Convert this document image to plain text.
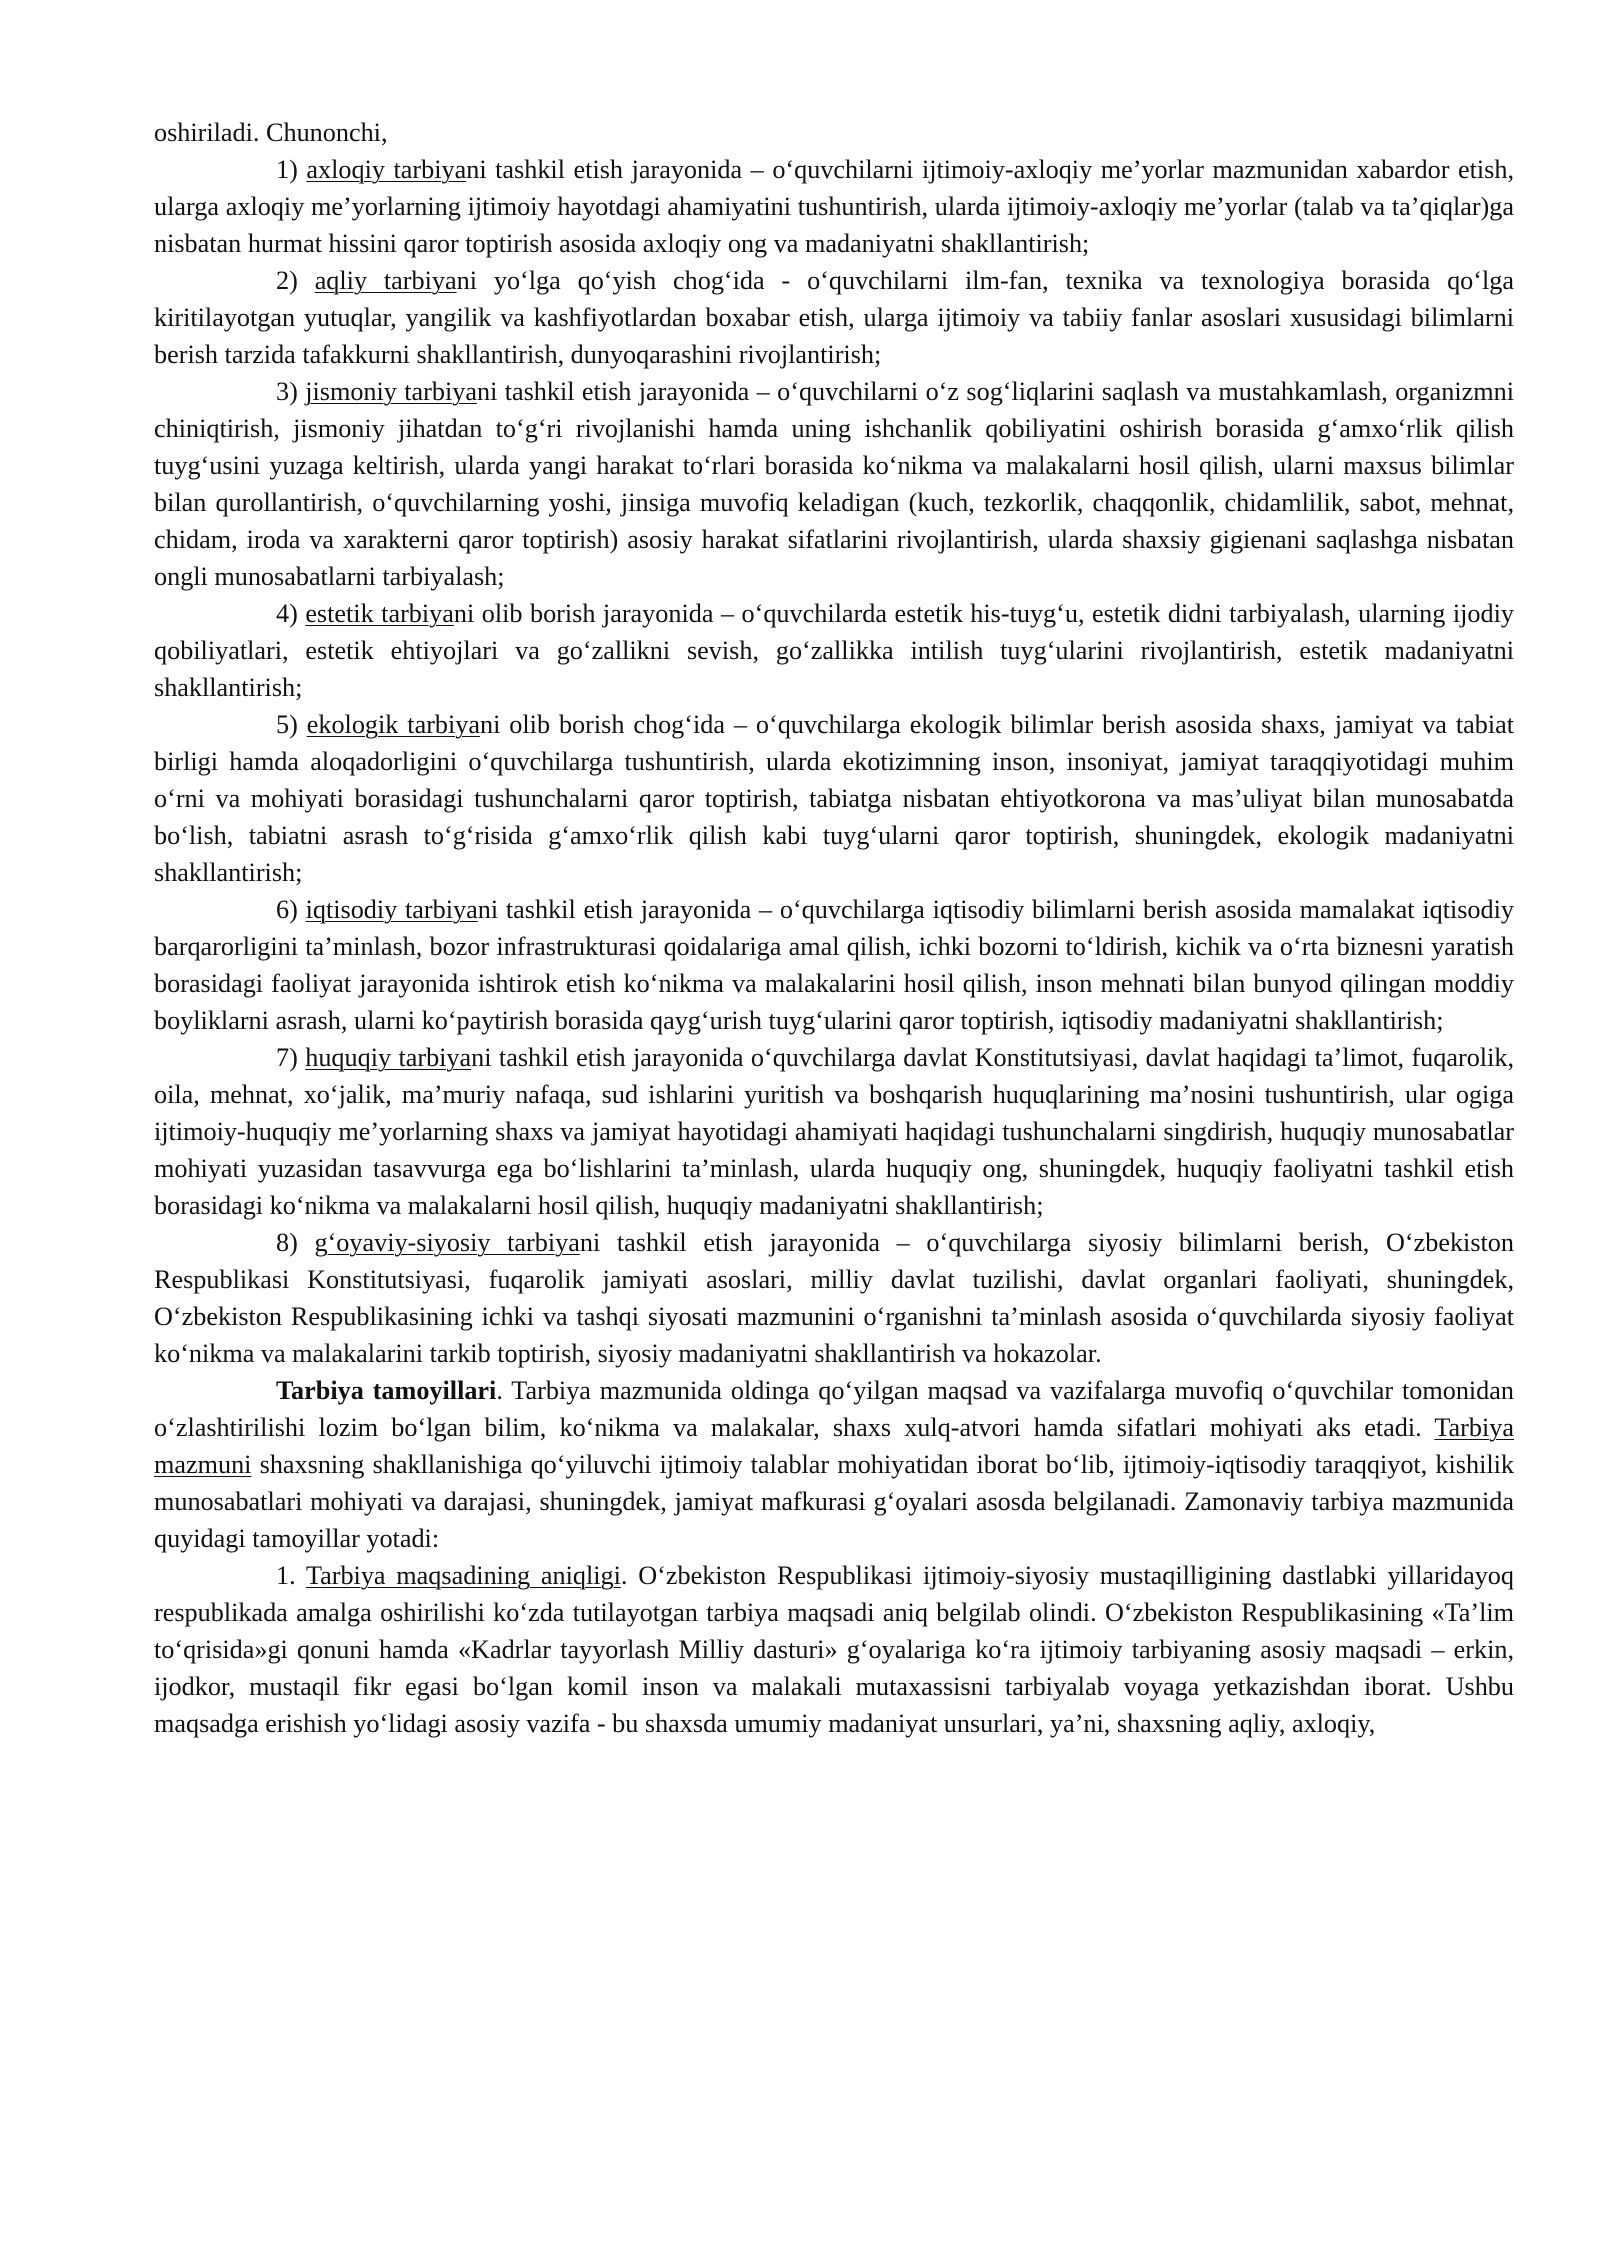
oshiriladi. Chunonchi,

1) axloqiy tarbiyani tashkil etish jarayonida – oʻquvchilarni ijtimoiy-axloqiy meʼyorlar mazmunidan xabardor etish, ularga axloqiy meʼyorlarning ijtimoiy hayotdagi ahamiyatini tushuntirish, ularda ijtimoiy-axloqiy meʼyorlar (talab va taʼqiqlar)ga nisbatan hurmat hissini qaror toptirish asosida axloqiy ong va madaniyatni shakllantirish;

2) aqliy tarbiyani yoʻlga qoʻyish chogʻida - oʻquvchilarni ilm-fan, texnika va texnologiya borasida qoʻlga kiritilayotgan yutuqlar, yangilik va kashfiyotlardan boxabar etish, ularga ijtimoiy va tabiiy fanlar asoslari xususidagi bilimlarni berish tarzida tafakkurni shakllantirish, dunyoqarashini rivojlantirish;

3) jismoniy tarbiyani tashkil etish jarayonida – oʻquvchilarni oʻz sogʻliqlarini saqlash va mustahkamlash, organizmni chiniqtirish, jismoniy jihatdan toʻgʻri rivojlanishi hamda uning ishchanlik qobiliyatini oshirish borasida gʻamxoʻrlik qilish tuygʻusini yuzaga keltirish, ularda yangi harakat toʻrlari borasida koʻnikma va malakalarni hosil qilish, ularni maxsus bilimlar bilan qurollantirish, oʻquvchilarning yoshi, jinsiga muvofiq keladigan (kuch, tezkorlik, chaqqonlik, chidamlilik, sabot, mehnat, chidam, iroda va xarakterni qaror toptirish) asosiy harakat sifatlarini rivojlantirish, ularda shaxsiy gigienani saqlashga nisbatan ongli munosabatlarni tarbiyalash;

4) estetik tarbiyani olib borish jarayonida – oʻquvchilarda estetik his-tuygʻu, estetik didni tarbiyalash, ularning ijodiy qobiliyatlari, estetik ehtiyojlari va goʻzallikni sevish, goʻzallikka intilish tuygʻularini rivojlantirish, estetik madaniyatni shakllantirish;

5) ekologik tarbiyani olib borish chogʻida – oʻquvchilarga ekologik bilimlar berish asosida shaxs, jamiyat va tabiat birligi hamda aloqadorligini oʻquvchilarga tushuntirish, ularda ekotizimning inson, insoniyat, jamiyat taraqqiyotidagi muhim oʻrni va mohiyati borasidagi tushunchalarni qaror toptirish, tabiatga nisbatan ehtiyotkorona va masʼuliyat bilan munosabatda boʻlish, tabiatni asrash toʻgʻrisida gʻamxoʻrlik qilish kabi tuygʻularni qaror toptirish, shuningdek, ekologik madaniyatni shakllantirish;

6) iqtisodiy tarbiyani tashkil etish jarayonida – oʻquvchilarga iqtisodiy bilimlarni berish asosida mamalakat iqtisodiy barqarorligini taʼminlash, bozor infrastrukturasi qoidalariga amal qilish, ichki bozorni toʻldirish, kichik va oʻrta biznesni yaratish borasidagi faoliyat jarayonida ishtirok etish koʻnikma va malakalarini hosil qilish, inson mehnati bilan bunyod qilingan moddiy boyliklarni asrash, ularni koʻpaytirish borasida qaygʻurish tuygʻularini qaror toptirish, iqtisodiy madaniyatni shakllantirish;

7) huquqiy tarbiyani tashkil etish jarayonida oʻquvchilarga davlat Konstitutsiyasi, davlat haqidagi taʼlimot, fuqarolik, oila, mehnat, xoʻjalik, maʼmuriy nafaqa, sud ishlarini yuritish va boshqarish huquqlarining maʼnosini tushuntirish, ular ogiga ijtimoiy-huquqiy meʼyorlarning shaxs va jamiyat hayotidagi ahamiyati haqidagi tushunchalarni singdirish, huquqiy munosabatlar mohiyati yuzasidan tasavvurga ega boʻlishlarini taʼminlash, ularda huquqiy ong, shuningdek, huquqiy faoliyatni tashkil etish borasidagi koʻnikma va malakalarni hosil qilish, huquqiy madaniyatni shakllantirish;

8) gʻoyaviy-siyosiy tarbiyani tashkil etish jarayonida – oʻquvchilarga siyosiy bilimlarni berish, Oʻzbekiston Respublikasi Konstitutsiyasi, fuqarolik jamiyati asoslari, milliy davlat tuzilishi, davlat organlari faoliyati, shuningdek, Oʻzbekiston Respublikasining ichki va tashqi siyosati mazmunini oʻrganishni taʼminlash asosida oʻquvchilarda siyosiy faoliyat koʻnikma va malakalarini tarkib toptirish, siyosiy madaniyatni shakllantirish va hokazolar.

Tarbiya tamoyillari. Tarbiya mazmunida oldinga qoʻyilgan maqsad va vazifalarga muvofiq oʻquvchilar tomonidan oʻzlashtirilishi lozim boʻlgan bilim, koʻnikma va malakalar, shaxs xulq-atvori hamda sifatlari mohiyati aks etadi. Tarbiya mazmuni shaxsning shakllanishiga qoʻyiluvchi ijtimoiy talablar mohiyatidan iborat boʻlib, ijtimoiy-iqtisodiy taraqqiyot, kishilik munosabatlari mohiyati va darajasi, shuningdek, jamiyat mafkurasi gʻoyalari asosda belgilanadi. Zamonaviy tarbiya mazmunida quyidagi tamoyillar yotadi:

1. Tarbiya maqsadining aniqligi. Oʻzbekiston Respublikasi ijtimoiy-siyosiy mustaqilligining dastlabki yillaridayoq respublikada amalga oshirilishi koʻzda tutilayotgan tarbiya maqsadi aniq belgilab olindi. Oʻzbekiston Respublikasining «Taʼlim toʻqrisida»gi qonuni hamda «Kadrlar tayyorlash Milliy dasturi» gʻoyalariga koʻra ijtimoiy tarbiyaning asosiy maqsadi – erkin, ijodkor, mustaqil fikr egasi boʻlgan komil inson va malakali mutaxassisni tarbiyalab voyaga yetkazishdan iborat. Ushbu maqsadga erishish yoʻlidagi asosiy vazifa - bu shaxsda umumiy madaniyat unsurlari, yaʼni, shaxsning aqliy, axloqiy,
